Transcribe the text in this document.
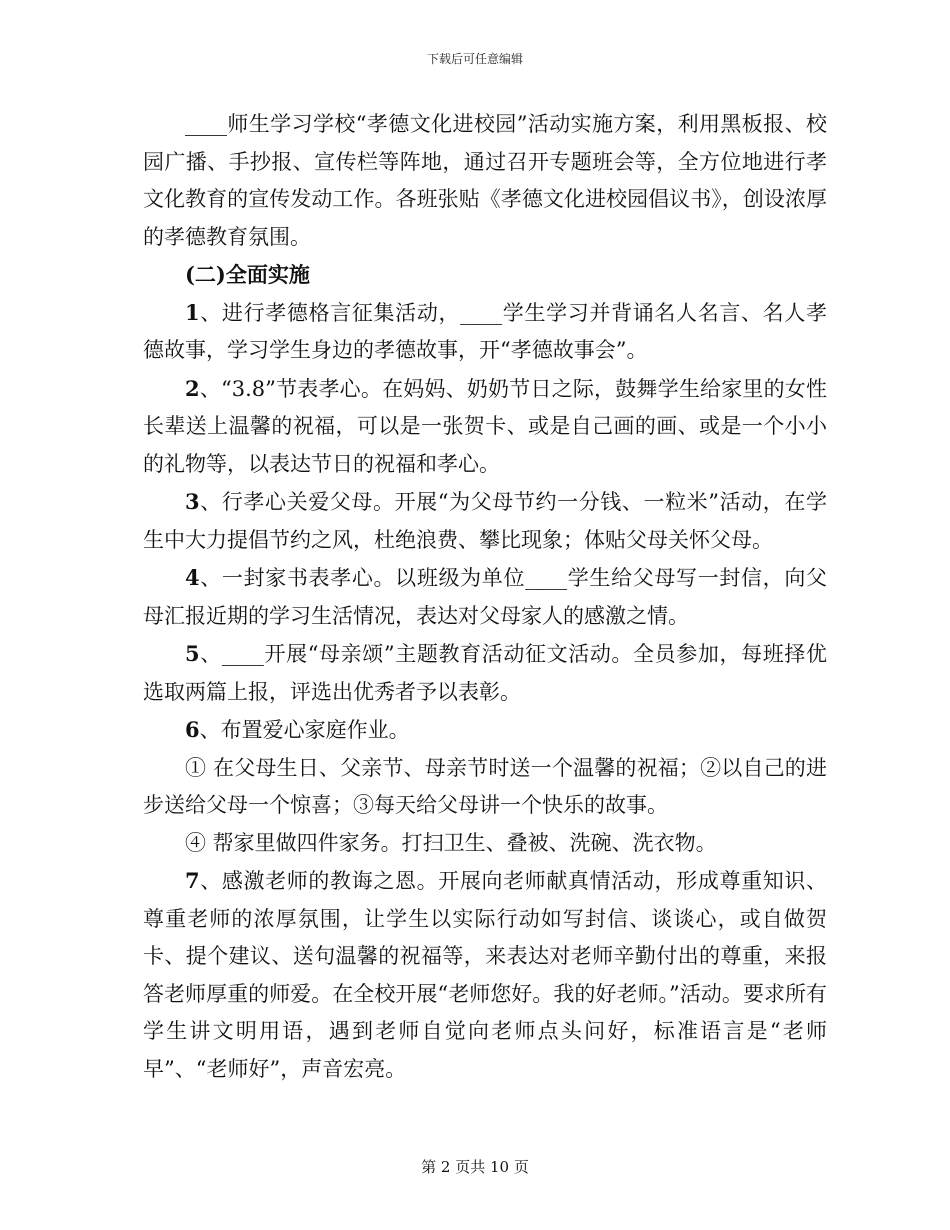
下载后可任意编辑

____师生学习学校“孝德文化进校园”活动实施方案，利用黑板报、校园广播、手抄报、宣传栏等阵地，通过召开专题班会等，全方位地进行孝文化教育的宣传发动工作。各班张贴《孝德文化进校园倡议书》，创设浓厚的孝德教育氛围。

(二)全面实施

1、进行孝德格言征集活动，____学生学习并背诵名人名言、名人孝德故事，学习学生身边的孝德故事，开“孝德故事会”。

2、“3.8”节表孝心。在妈妈、奶奶节日之际，鼓舞学生给家里的女性长辈送上温馨的祝福，可以是一张贺卡、或是自己画的画、或是一个小小的礼物等，以表达节日的祝福和孝心。

3、行孝心关爱父母。开展“为父母节约一分钱、一粒米”活动，在学生中大力提倡节约之风，杜绝浪费、攀比现象；体贴父母关怀父母。

4、一封家书表孝心。以班级为单位____学生给父母写一封信，向父母汇报近期的学习生活情况，表达对父母家人的感激之情。

5、____开展“母亲颂”主题教育活动征文活动。全员参加，每班择优选取两篇上报，评选出优秀者予以表彰。

6、布置爱心家庭作业。

① 在父母生日、父亲节、母亲节时送一个温馨的祝福；②以自己的进步送给父母一个惊喜；③每天给父母讲一个快乐的故事。

④ 帮家里做四件家务。打扫卫生、叠被、洗碗、洗衣物。

7、感激老师的教诲之恩。开展向老师献真情活动，形成尊重知识、尊重老师的浓厚氛围，让学生以实际行动如写封信、谈谈心，或自做贺卡、提个建议、送句温馨的祝福等，来表达对老师辛勤付出的尊重，来报答老师厚重的师爱。在全校开展“老师您好。我的好老师。”活动。要求所有学生讲文明用语，遇到老师自觉向老师点头问好，标准语言是“老师早”、“老师好”，声音宏亮。

第 2 页共 10 页
